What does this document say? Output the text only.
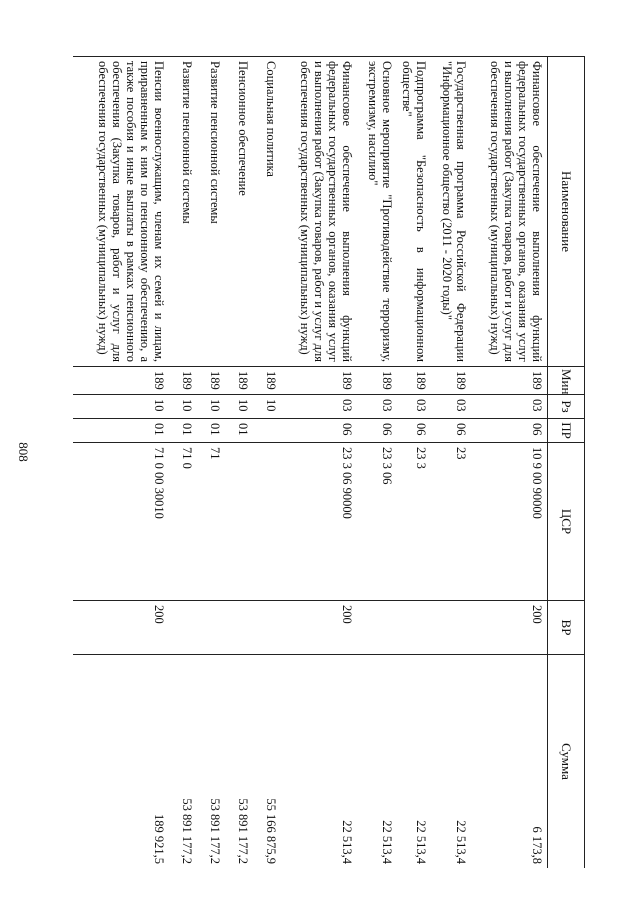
808
Наименование	Мин	Рз	ПР	ЦСР	ВР	Сумма
Финансовое обеспечение выполнения функций федеральных государственных органов, оказания услуг и выполнения работ (Закупка товаров, работ и услуг для обеспечения государственных (муниципальных) нужд)	189	03	06	10 9 00 90000	200	6 173,8
Государственная программа Российской Федерации "Информационное общество (2011 - 2020 годы)"	189	03	06	23		22 513,4
Подпрограмма "Безопасность в информационном обществе"	189	03	06	23 3		22 513,4
Основное мероприятие "Противодействие терроризму, экстремизму, насилию"	189	03	06	23 3 06		22 513,4
Финансовое обеспечение выполнения функций федеральных государственных органов, оказания услуг и выполнения работ (Закупка товаров, работ и услуг для обеспечения государственных (муниципальных) нужд)	189	03	06	23 3 06 90000	200	22 513,4
Социальная политика	189	10				55 166 875,9
Пенсионное обеспечение	189	10	01			53 891 177,2
Развитие пенсионной системы	189	10	01	71		53 891 177,2
Развитие пенсионной системы	189	10	01	71 0		53 891 177,2
Пенсии военнослужащим, членам их семей и лицам, приравненным к ним по пенсионному обеспечению, а также пособия и иные выплаты в рамках пенсионного обеспечения (Закупка товаров, работ и услуг для обеспечения государственных (муниципальных) нужд)	189	10	01	71 0 00 30010	200	189 921,5
